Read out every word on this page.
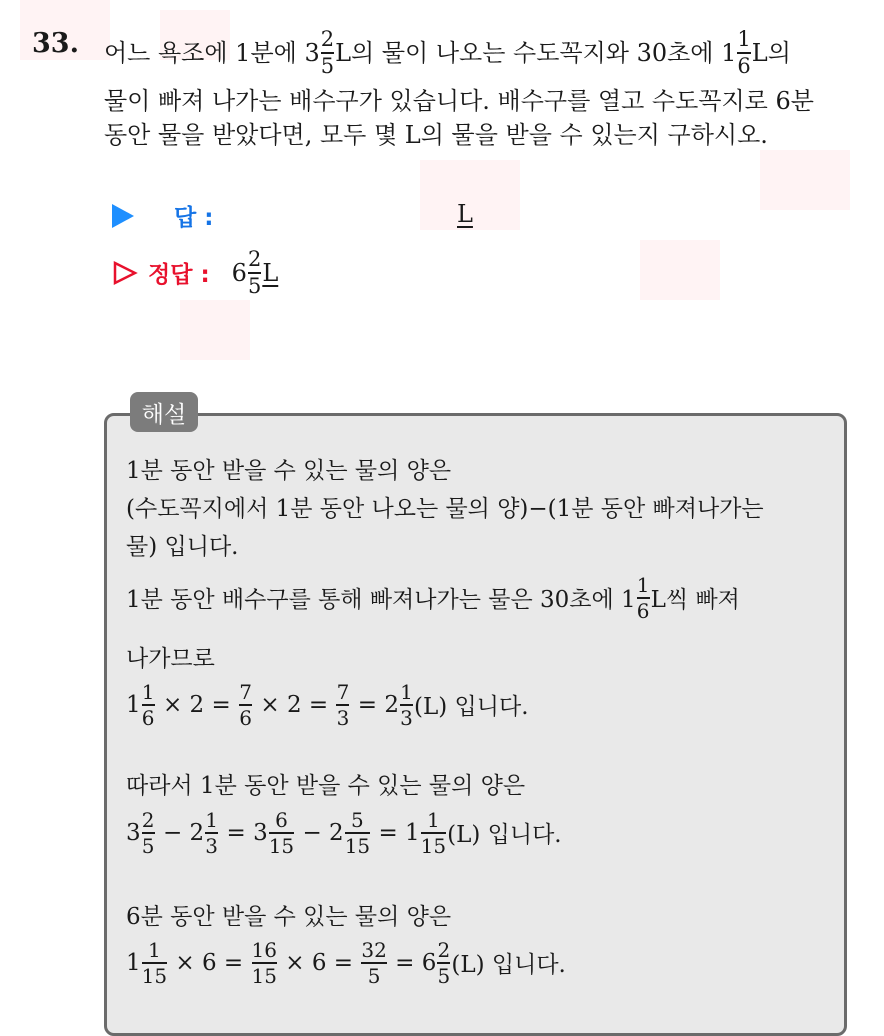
33. 어느 욕조에 1분에 $3 \frac{2}{5}$ L의 물이 나오는 수도꼭지와 30초에 $1 \frac{1}{6}$ L의
물이 빠져 나가는 배수구가 있습니다. 배수구를 열고 수도꼭지로 6분
동안 물을 받았다면, 모두 몇 L의 물을 받을 수 있는지 구하시오.
답 :	L
정답 : $6 \frac{2}{5}$ L
해설
1분 동안 받을 수 있는 물의 양은
(수도꼭지에서 1분 동안 나오는 물의 양)−(1분 동안 빠져나가는
물) 입니다.
1분 동안 배수구를 통해 빠져나가는 물은 30초에 $1 \frac{1}{6}$ L씩 빠져
나가므로
$1 \frac{1}{6} \times 2 = \frac{7}{6} \times 2 = \frac{7}{3} = 2 \frac{1}{3} (L)$ 입니다.
따라서 1분 동안 받을 수 있는 물의 양은
$3 \frac{2}{5} - 2 \frac{1}{3} = 3 \frac{6}{15} - 2 \frac{5}{15} = 1 \frac{1}{15} (L)$ 입니다.
6분 동안 받을 수 있는 물의 양은
$1 \frac{1}{15} \times 6 = \frac{16}{15} \times 6 = \frac{32}{5} = 6 \frac{2}{5} (L)$ 입니다.
